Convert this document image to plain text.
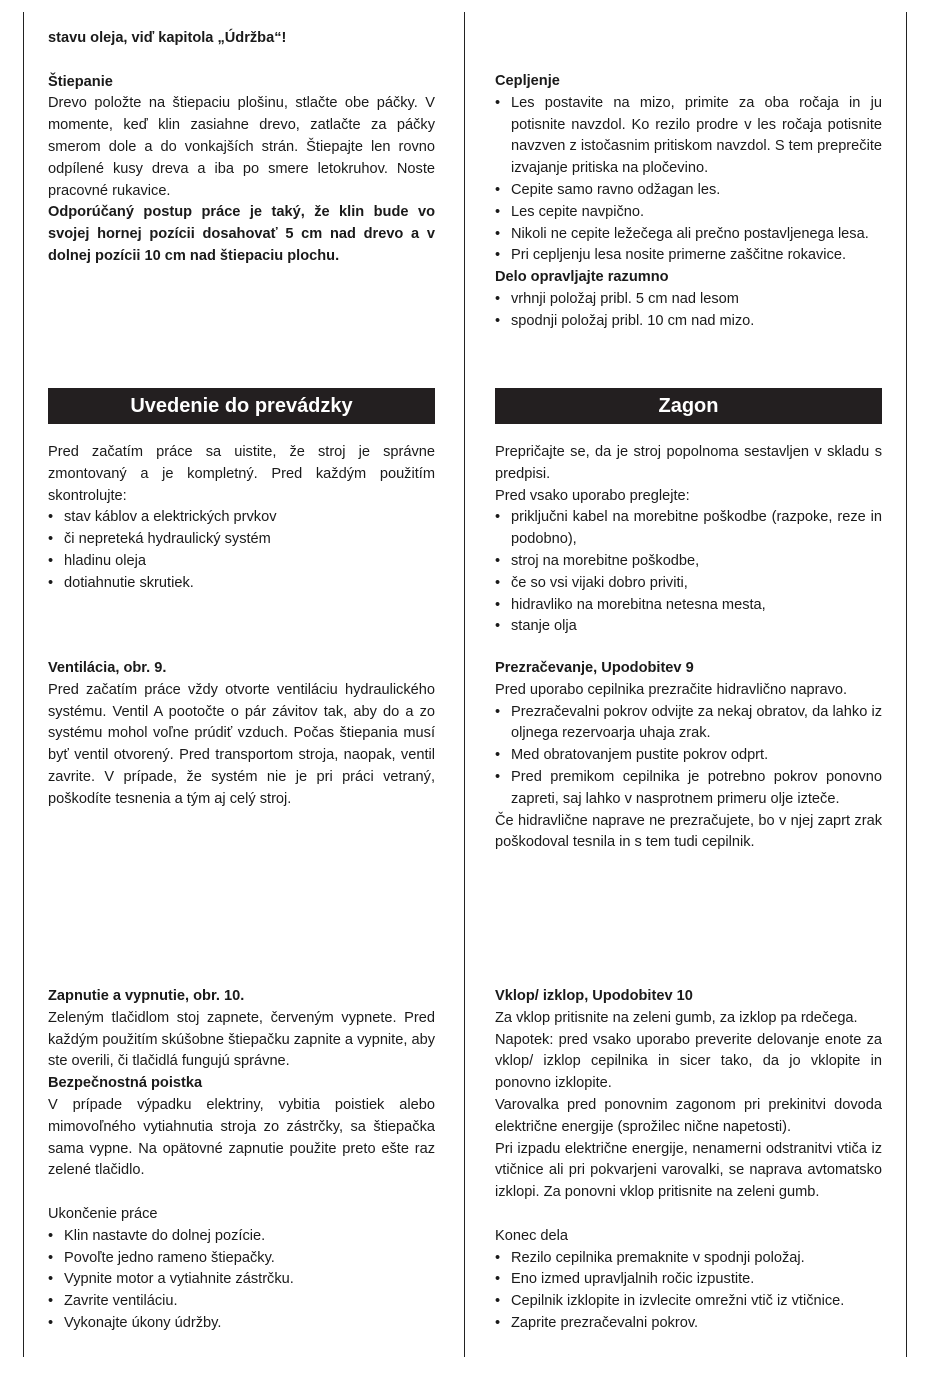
stavu oleja, viď kapitola „Údržba“!

Štiepanie

Drevo položte na štiepaciu plošinu, stlačte obe páčky. V momente, keď klin zasiahne drevo, zatlačte za páčky smerom dole a do vonkajších strán. Štiepajte len rovno odpílené kusy dreva a iba po smere letokruhov. Noste pracovné rukavice.

Odporúčaný postup práce je taký, že klin bude vo svojej hornej pozícii dosahovať 5 cm nad drevo a v dolnej pozícii 10 cm nad štiepaciu plochu.

Uvedenie do prevádzky

Pred začatím práce sa uistite, že stroj je správne zmontovaný a je kompletný. Pred každým použitím skontrolujte:

• stav káblov a elektrických prvkov
• či nepreteká hydraulický systém
• hladinu oleja
• dotiahnutie skrutiek.

Ventilácia, obr. 9.

Pred začatím práce vždy otvorte ventiláciu hydraulického systému. Ventil A pootočte o pár závitov tak, aby do a zo systému mohol voľne prúdiť vzduch. Počas štiepania musí byť ventil otvorený. Pred transportom stroja, naopak, ventil zavrite. V prípade, že systém nie je pri práci vetraný, poškodíte tesnenia a tým aj celý stroj.

Zapnutie a vypnutie, obr. 10.

Zeleným tlačidlom stoj zapnete, červeným vypnete. Pred každým použitím skúšobne štiepačku zapnite a vypnite, aby ste overili, či tlačidlá fungujú správne.

Bezpečnostná poistka

V prípade výpadku elektriny, vybitia poistiek alebo mimovoľného vytiahnutia stroja zo zástrčky, sa štiepačka sama vypne. Na opätovné zapnutie použite preto ešte raz zelené tlačidlo.

Ukončenie práce

• Klin nastavte do dolnej pozície.
• Povoľte jedno rameno štiepačky.
• Vypnite motor a vytiahnite zástrčku.
• Zavrite ventiláciu.
• Vykonajte úkony údržby.

Cepljenje

• Les postavite na mizo, primite za oba ročaja in ju potisnite navzdol. Ko rezilo prodre v les ročaja potisnite navzven z istočasnim pritiskom navzdol. S tem preprečite izvajanje pritiska na pločevino.
• Cepite samo ravno odžagan les.
• Les cepite navpično.
• Nikoli ne cepite ležečega ali prečno postavljenega lesa.
• Pri cepljenju lesa nosite primerne zaščitne rokavice.

Delo opravljajte razumno

• vrhnji položaj pribl. 5 cm nad lesom
• spodnji položaj pribl. 10 cm nad mizo.
Zagon

Prepričajte se, da je stroj popolnoma sestavljen v skladu s predpisi.

Pred vsako uporabo preglejte:

• priključni kabel na morebitne poškodbe (razpoke, reze in podobno),
• stroj na morebitne poškodbe,
• če so vsi vijaki dobro priviti,
• hidravliko na morebitna netesna mesta,
• stanje olja

Prezračevanje, Upodobitev 9

Pred uporabo cepilnika prezračite hidravlično napravo.

• Prezračevalni pokrov odvijte za nekaj obratov, da lahko iz oljnega rezervoarja uhaja zrak.
• Med obratovanjem pustite pokrov odprt.
• Pred premikom cepilnika je potrebno pokrov ponovno zapreti, saj lahko v nasprotnem primeru olje izteče.

Če hidravlične naprave ne prezračujete, bo v njej zaprt zrak poškodoval tesnila in s tem tudi cepilnik.

Vklop/ izklop, Upodobitev 10

Za vklop pritisnite na zeleni gumb, za izklop pa rdečega.

Napotek: pred vsako uporabo preverite delovanje enote za vklop/ izklop cepilnika in sicer tako, da jo vklopite in ponovno izklopite.

Varovalka pred ponovnim zagonom pri prekinitvi dovoda električne energije (sprožilec nične napetosti).

Pri izpadu električne energije, nenamerni odstranitvi vtiča iz vtičnice ali pri pokvarjeni varovalki, se naprava avtomatsko izklopi. Za ponovni vklop pritisnite na zeleni gumb.

Konec dela

• Rezilo cepilnika premaknite v spodnji položaj.
• Eno izmed upravljalnih ročic izpustite.
• Cepilnik izklopite in izvlecite omrežni vtič iz vtičnice.
• Zaprite prezračevalni pokrov.
